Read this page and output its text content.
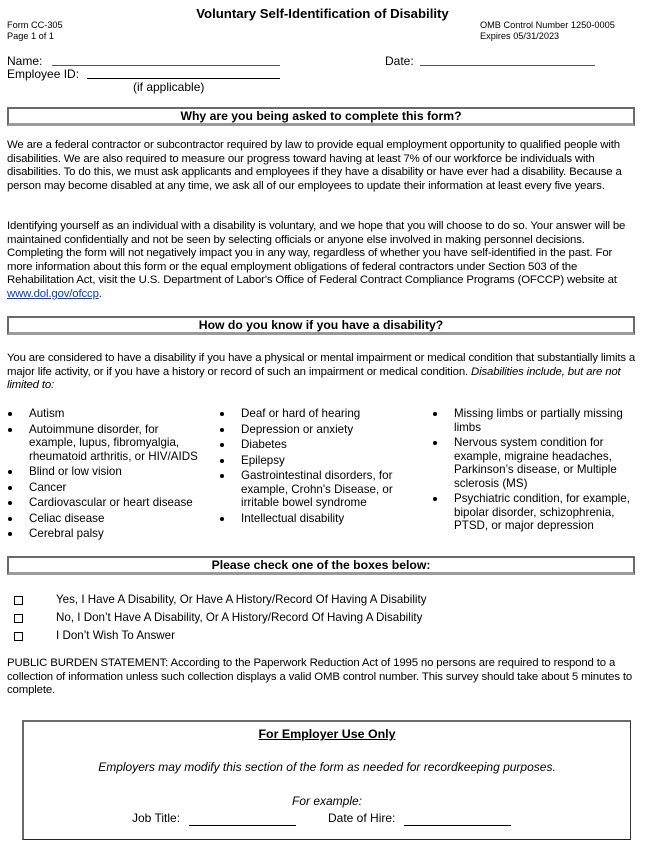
Voluntary Self-Identification of Disability
Form CC-305
Page 1 of 1
OMB Control Number 1250-0005
Expires 05/31/2023
Name:	Date:
Employee ID:
(if applicable)
Why are you being asked to complete this form?
We are a federal contractor or subcontractor required by law to provide equal employment opportunity to qualified people with disabilities. We are also required to measure our progress toward having at least 7% of our workforce be individuals with disabilities. To do this, we must ask applicants and employees if they have a disability or have ever had a disability. Because a person may become disabled at any time, we ask all of our employees to update their information at least every five years.
Identifying yourself as an individual with a disability is voluntary, and we hope that you will choose to do so. Your answer will be maintained confidentially and not be seen by selecting officials or anyone else involved in making personnel decisions. Completing the form will not negatively impact you in any way, regardless of whether you have self-identified in the past. For more information about this form or the equal employment obligations of federal contractors under Section 503 of the Rehabilitation Act, visit the U.S. Department of Labor's Office of Federal Contract Compliance Programs (OFCCP) website at www.dol.gov/ofccp.
How do you know if you have a disability?
You are considered to have a disability if you have a physical or mental impairment or medical condition that substantially limits a major life activity, or if you have a history or record of such an impairment or medical condition. Disabilities include, but are not limited to:
Autism
Autoimmune disorder, for example, lupus, fibromyalgia, rheumatoid arthritis, or HIV/AIDS
Blind or low vision
Cancer
Cardiovascular or heart disease
Celiac disease
Cerebral palsy
Deaf or hard of hearing
Depression or anxiety
Diabetes
Epilepsy
Gastrointestinal disorders, for example, Crohn's Disease, or irritable bowel syndrome
Intellectual disability
Missing limbs or partially missing limbs
Nervous system condition for example, migraine headaches, Parkinson’s disease, or Multiple sclerosis (MS)
Psychiatric condition, for example, bipolar disorder, schizophrenia, PTSD, or major depression
Please check one of the boxes below:
Yes, I Have A Disability, Or Have A History/Record Of Having A Disability
No, I Don’t Have A Disability, Or A History/Record Of Having A Disability
I Don’t Wish To Answer
PUBLIC BURDEN STATEMENT: According to the Paperwork Reduction Act of 1995 no persons are required to respond to a collection of information unless such collection displays a valid OMB control number. This survey should take about 5 minutes to complete.
For Employer Use Only
Employers may modify this section of the form as needed for recordkeeping purposes.
For example:
Job Title:	Date of Hire:
